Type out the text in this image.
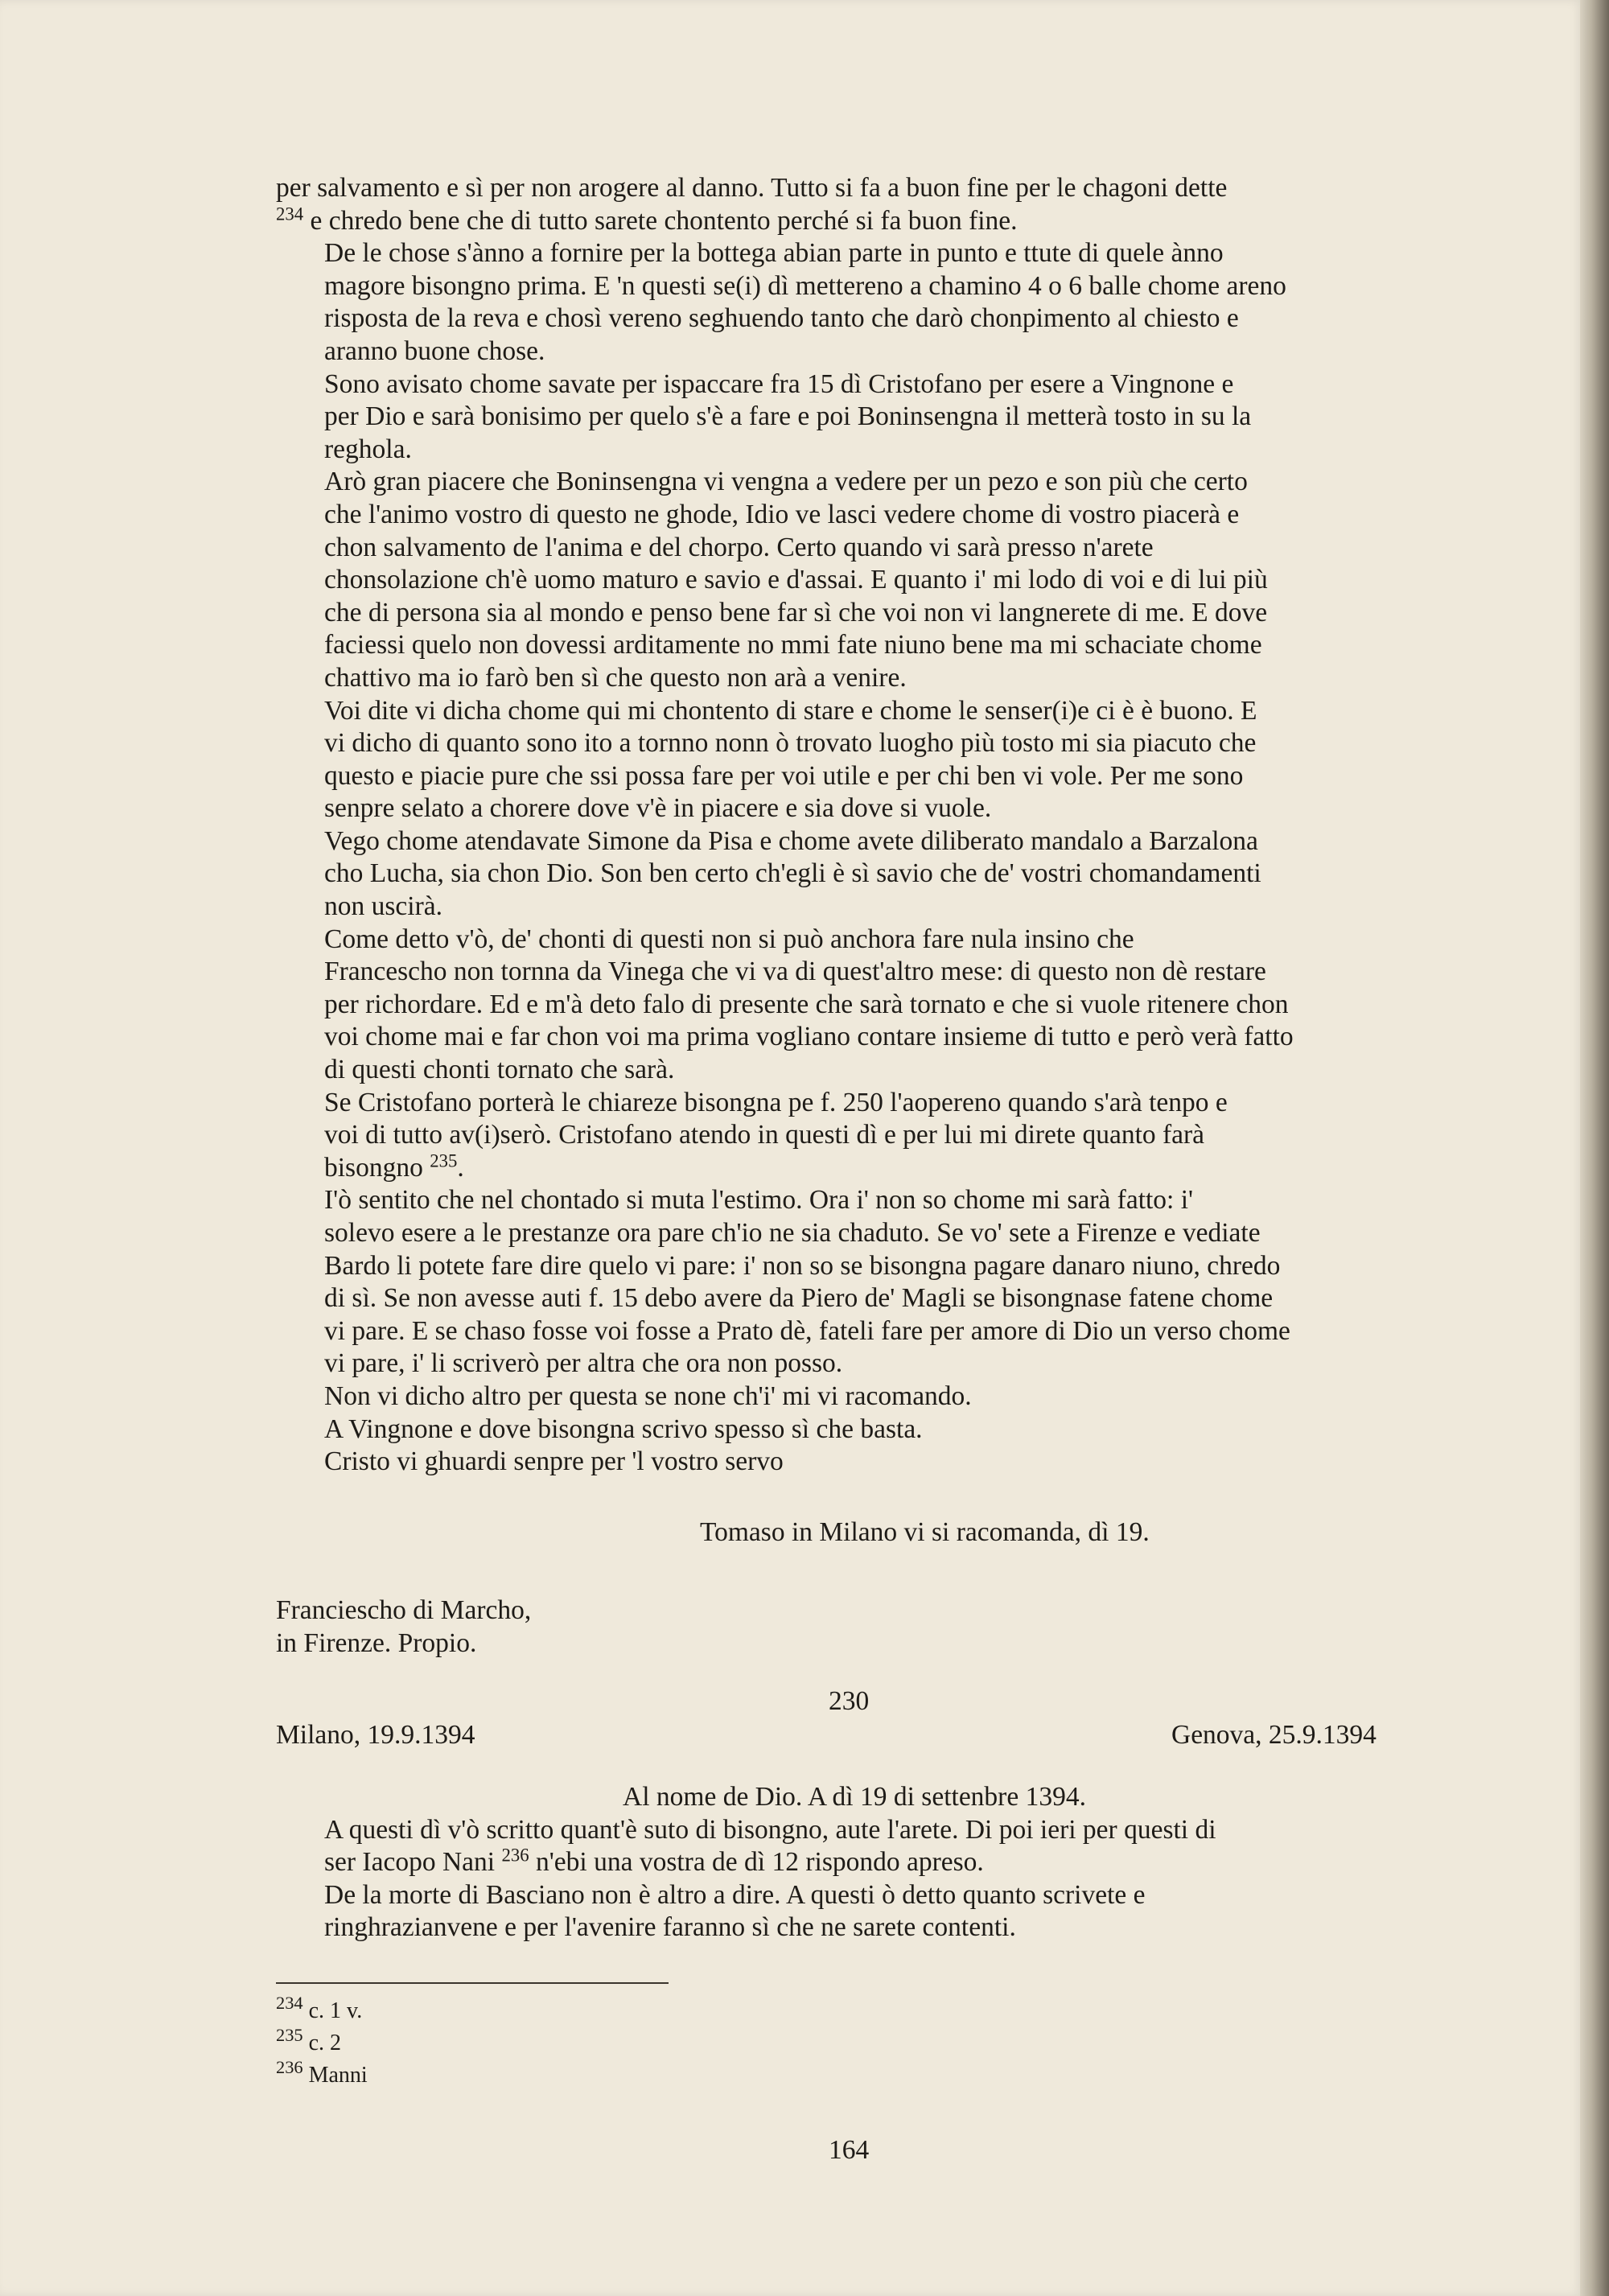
per salvamento e sì per non arogere al danno. Tutto si fa a buon fine per le chagoni dette
$^{234}$ e chredo bene che di tutto sarete chontento perché si fa buon fine.

De le chose s'ànno a fornire per la bottega abian parte in punto e ttute di quele ànno
magore bisongno prima. E 'n questi se(i) dì mettereno a chamino 4 o 6 balle chome areno
risposta de la reva e chosì vereno seghuendo tanto che darò chonpimento al chiesto e
aranno buone chose.

Sono avisato chome savate per ispaccare fra 15 dì Cristofano per esere a Vingnone e
per Dio e sarà bonisimo per quelo s'è a fare e poi Boninsengna il metterà tosto in su la
reghola.

Arò gran piacere che Boninsengna vi vengna a vedere per un pezo e son più che certo
che l'animo vostro di questo ne ghode, Idio ve lasci vedere chome di vostro piacerà e
chon salvamento de l'anima e del chorpo. Certo quando vi sarà presso n'arete
chonsolazione ch'è uomo maturo e savio e d'assai. E quanto i' mi lodo di voi e di lui più
che di persona sia al mondo e penso bene far sì che voi non vi langnerete di me. E dove
faciessi quelo non dovessi arditamente no mmi fate niuno bene ma mi schaciate chome
chattivo ma io farò ben sì che questo non arà a venire.

Voi dite vi dicha chome qui mi chontento di stare e chome le senser(i)e ci è è buono. E
vi dicho di quanto sono ito a tornno nonn ò trovato luogho più tosto mi sia piacuto che
questo e piacie pure che ssi possa fare per voi utile e per chi ben vi vole. Per me sono
senpre selato a chorere dove v'è in piacere e sia dove si vuole.

Vego chome atendavate Simone da Pisa e chome avete diliberato mandalo a Barzalona
cho Lucha, sia chon Dio. Son ben certo ch'egli è sì savio che de' vostri chomandamenti
non uscirà.

Come detto v'ò, de' chonti di questi non si può anchora fare nula insino che
Francescho non tornna da Vinega che vi va di quest'altro mese: di questo non dè restare
per richordare. Ed e m'à deto falo di presente che sarà tornato e che si vuole ritenere chon
voi chome mai e far chon voi ma prima vogliano contare insieme di tutto e però verà fatto
di questi chonti tornato che sarà.

Se Cristofano porterà le chiareze bisongna pe f. 250 l'aopereno quando s'arà tenpo e
voi di tutto av(i)serò. Cristofano atendo in questi dì e per lui mi direte quanto farà
bisongno $^{235}$.

I'ò sentito che nel chontado si muta l'estimo. Ora i' non so chome mi sarà fatto: i'
solevo esere a le prestanze ora pare ch'io ne sia chaduto. Se vo' sete a Firenze e vediate
Bardo li potete fare dire quelo vi pare: i' non so se bisongna pagare danaro niuno, chredo
di sì. Se non avesse auti f. 15 debo avere da Piero de' Magli se bisongnase fatene chome
vi pare. E se chaso fosse voi fosse a Prato dè, fateli fare per amore di Dio un verso chome
vi pare, i' li scriverò per altra che ora non posso.

Non vi dicho altro per questa se none ch'i' mi vi racomando.

A Vingnone e dove bisongna scrivo spesso sì che basta.

Cristo vi ghuardi senpre per 'l vostro servo

Tomaso in Milano vi si racomanda, dì 19.
Franciescho di Marcho,
in Firenze. Propio.
230
Milano, 19.9.1394	Genova, 25.9.1394
Al nome de Dio. A dì 19 di settenbre 1394.

A questi dì v'ò scritto quant'è suto di bisongno, aute l'arete. Di poi ieri per questi di
ser Iacopo Nani $^{236}$ n'ebi una vostra de dì 12 rispondo apreso.

De la morte di Basciano non è altro a dire. A questi ò detto quanto scrivete e
ringhrazianvene e per l'avenire faranno sì che ne sarete contenti.

$^{234}$ c. 1 v.
$^{235}$ c. 2
$^{236}$ Manni
164
